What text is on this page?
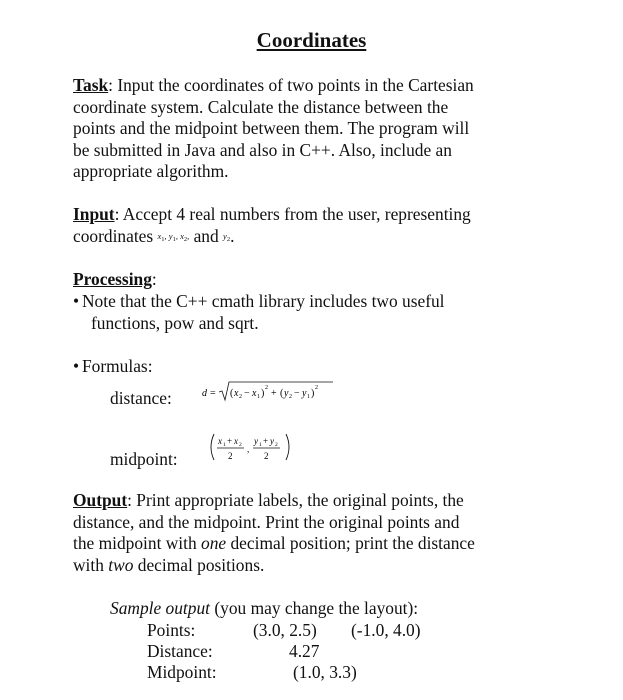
Coordinates
Task: Input the coordinates of two points in the Cartesian
coordinate system. Calculate the distance between the
points and the midpoint between them. The program will
be submitted in Java and also in C++. Also, include an
appropriate algorithm.
Input: Accept 4 real numbers from the user, representing
coordinates $x_1$, $y_1$, $x_2$, and $y_2$.
Processing:
• Note that the C++ cmath library includes two useful
functions, pow and sqrt.
• Formulas:
distance:	d = ( x 2 − x 1 ) 2 + ( y 2 − y 1 ) 2
midpoint:
x 1 + x 2
2
,
y 1 + y 2
2
Output: Print appropriate labels, the original points, the
distance, and the midpoint. Print the original points and
the midpoint with one decimal position; print the distance
with two decimal positions.
Sample output (you may change the layout):
Points:	(3.0, 2.5) (-1.0, 4.0)
Distance:	4.27
Midpoint:	(1.0, 3.3)
